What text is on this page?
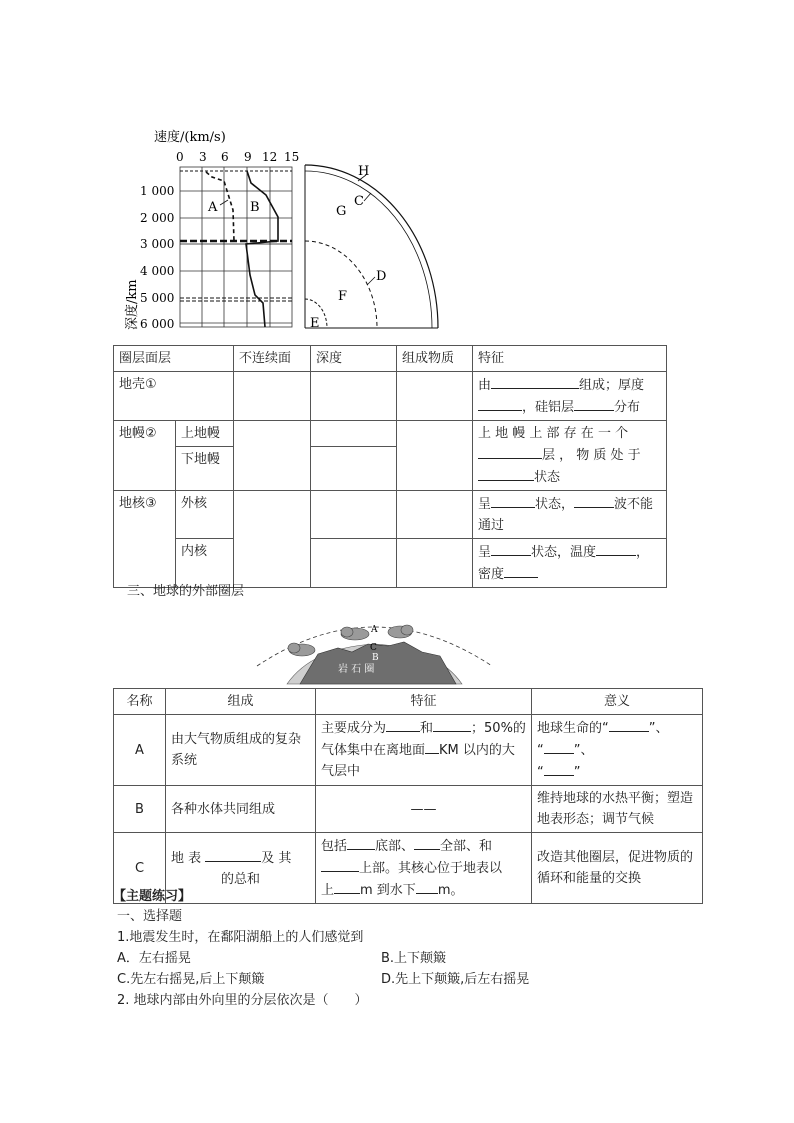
速度/(km/s)
0 3 6 9 12 15
1 000
2 000
3 000
4 000
5 000
6 000
深度/km
A	B
H
C
G
D
F
E
圈层面层		不连续面	深度	组成物质	特征
地壳①					由 组成；厚度
，硅铝层 分布
地幔②	上地幔				上 地 幔 上 部 存 在 一 个
层 ， 物 质 处 于
状态
	下地幔				
地核③	外核				呈 状态， 波不能
通过
	内核				呈 状态，温度 ，
密度
三、地球的外部圈层
A
C
B
岩 石 圈
名称	组成	特征	意义
A	由大气物质组成的复杂系统	主要成分为 和 ；50%的气体集中在离地面 KM 以内的大气层中	地球生命的“ ”、
“ ”、
“ ”
B	各种水体共同组成	——	维持地球的水热平衡；塑造地表形态；调节气候
C	地 表 及 其
的总和	包括 底部、 全部、和
上部。其核心位于地表以
上 m 到水下 m。	改造其他圈层，促进物质的循环和能量的交换
【主题练习】
一、选择题
1.地震发生时，在鄱阳湖船上的人们感觉到
A．左右摇晃	B.上下颠簸
C.先左右摇晃,后上下颠簸	D.先上下颠簸,后左右摇晃
2. 地球内部由外向里的分层依次是（　　）
